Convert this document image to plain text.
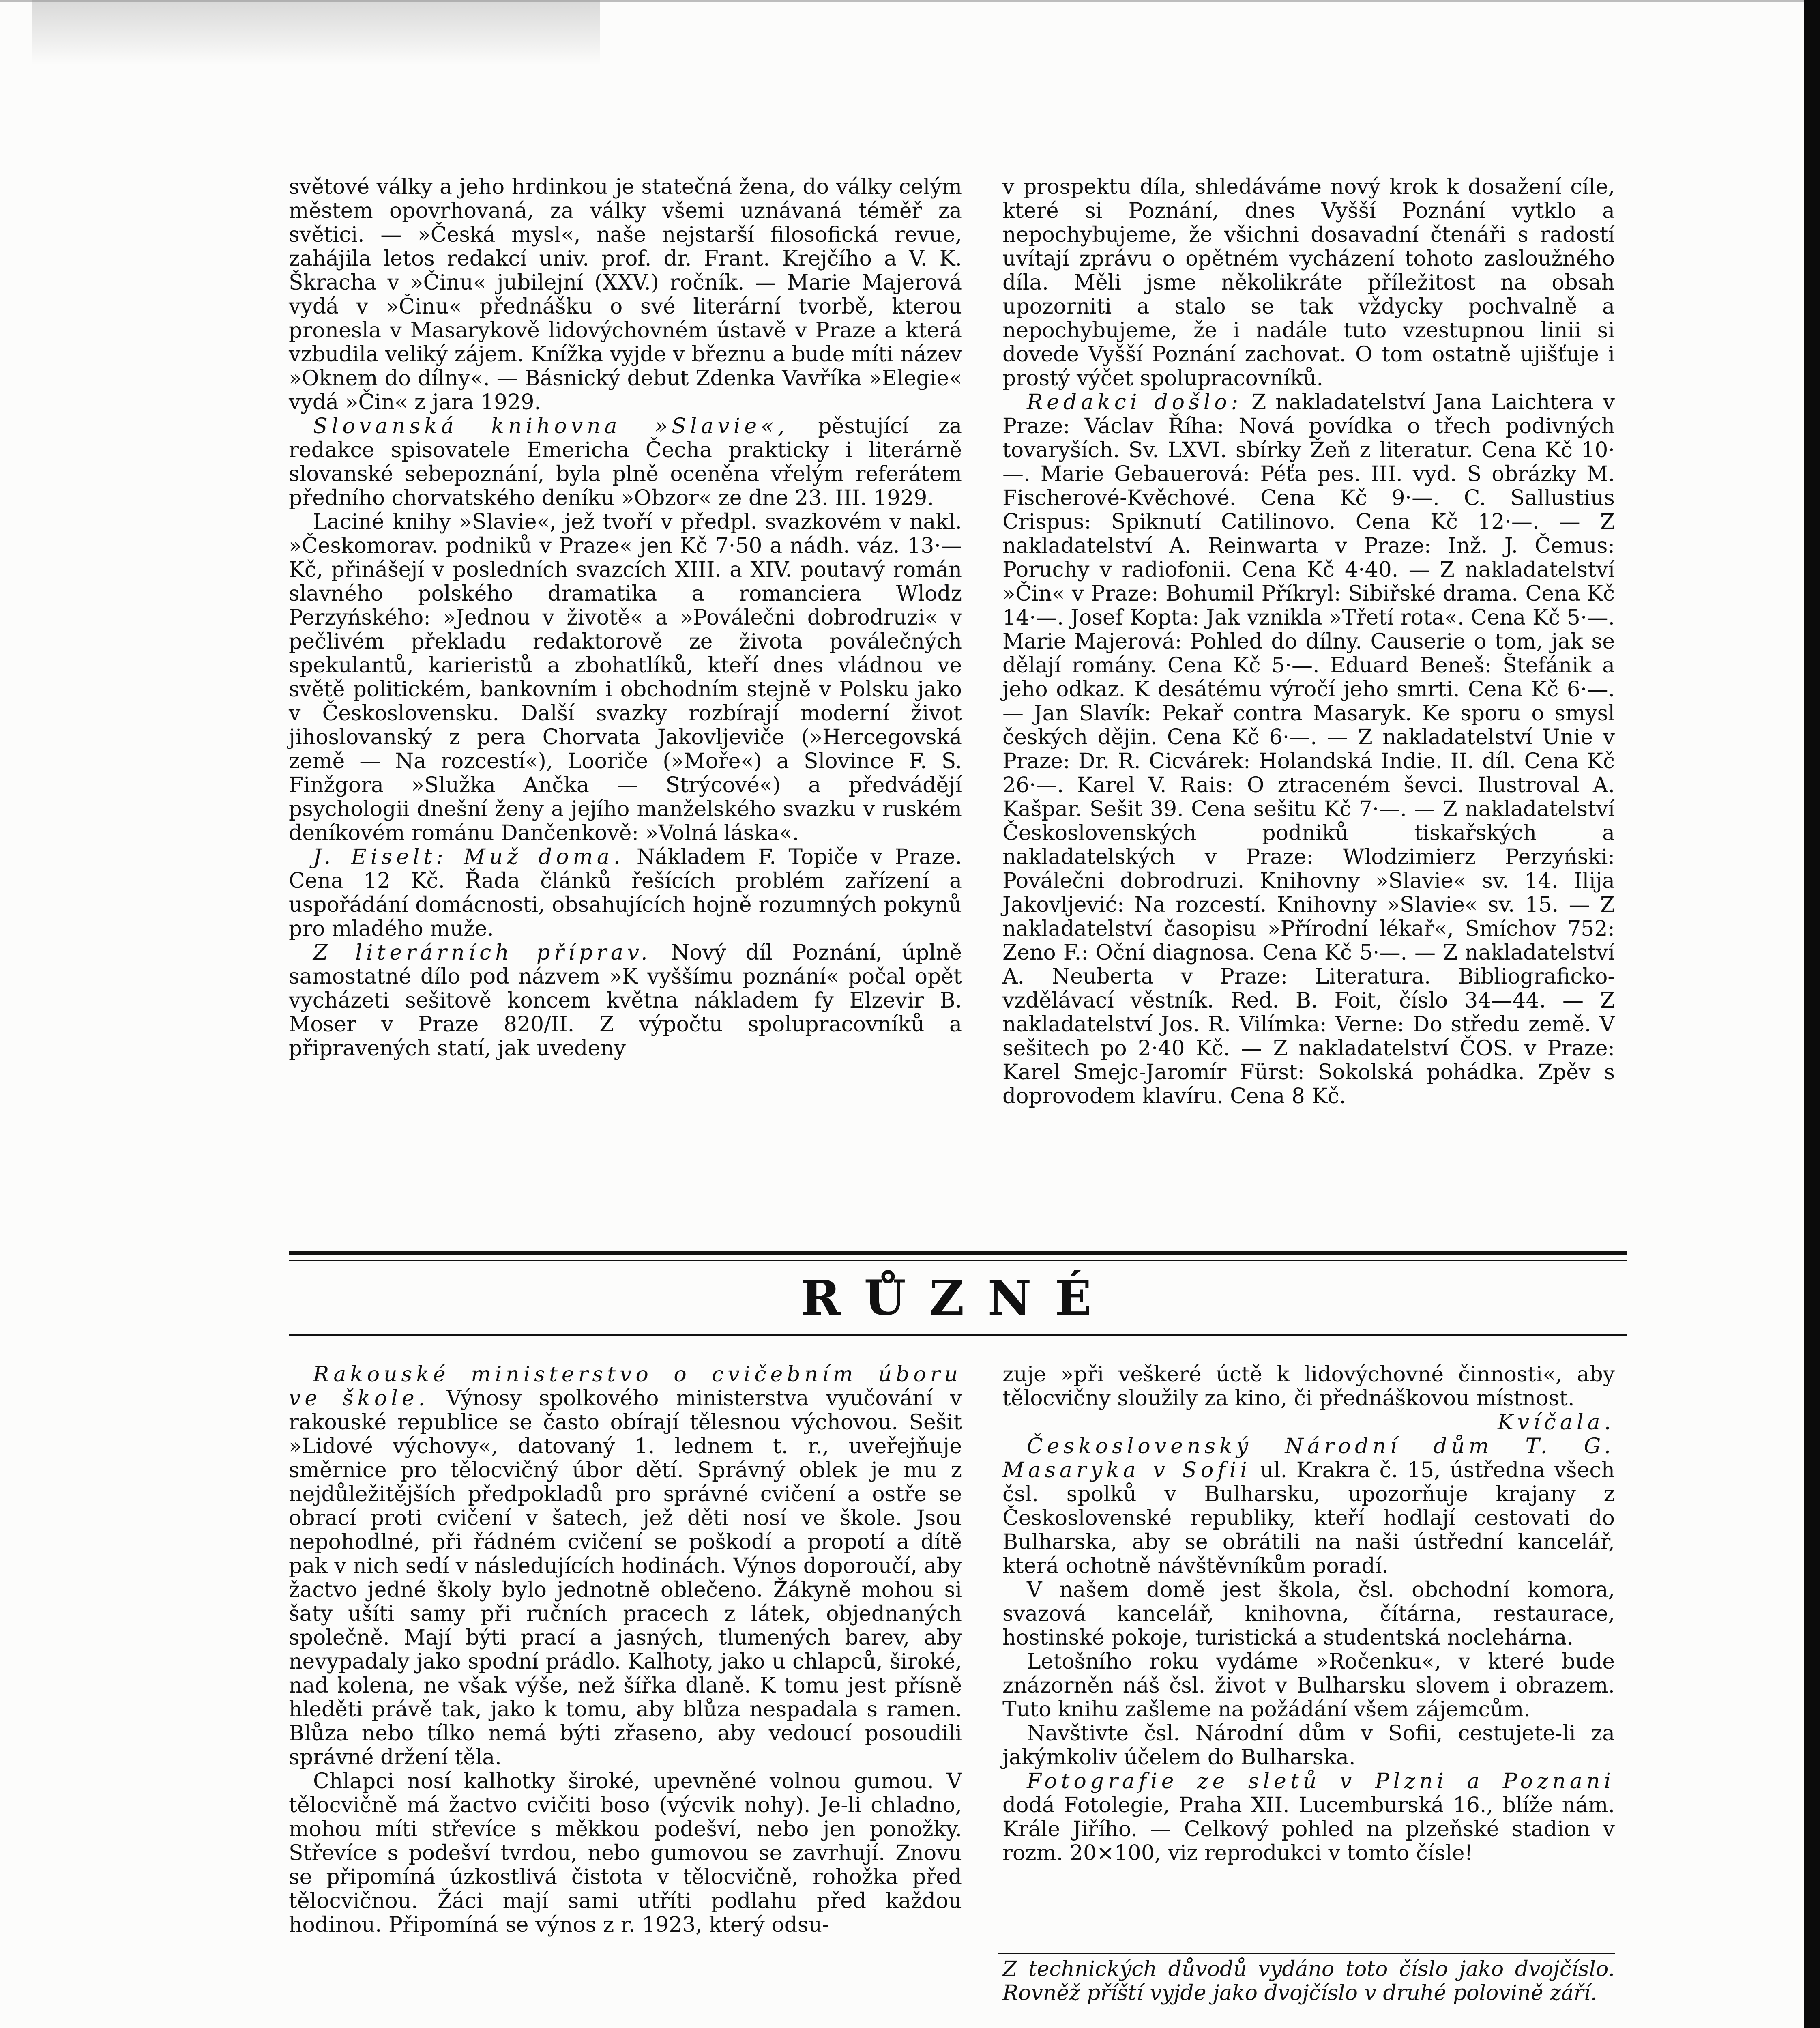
světové války a jeho hrdinkou je statečná žena, do války celým městem opovrhovaná, za války všemi uznávaná téměř za světici. — »Česká mysl«, naše nejstarší filosofická revue, zahájila letos redakcí univ. prof. dr. Frant. Krejčího a V. K. Škracha v »Činu« jubilejní (XXV.) ročník. — Marie Majerová vydá v »Činu« přednášku o své literární tvorbě, kterou pronesla v Masarykově lidovýchovném ústavě v Praze a která vzbudila veliký zájem. Knížka vyjde v březnu a bude míti název »Oknem do dílny«. — Básnický debut Zdenka Vavříka »Elegie« vydá »Čin« z jara 1929.

Slovanská knihovna »Slavie«, pěstující za redakce spisovatele Emericha Čecha prakticky i literárně slovanské sebepoznání, byla plně oceněna vřelým referátem předního chorvatského deníku »Obzor« ze dne 23. III. 1929.

Laciné knihy »Slavie«, jež tvoří v předpl. svazkovém v nakl. »Českomorav. podniků v Praze« jen Kč 7·50 a nádh. váz. 13·— Kč, přinášejí v posledních svazcích XIII. a XIV. poutavý román slavného polského dramatika a romanciera Wlodz Perzyńského: »Jednou v životě« a »Poválečni dobrodruzi« v pečlivém překladu redaktorově ze života poválečných spekulantů, karieristů a zbohatlíků, kteří dnes vládnou ve světě politickém, bankovním i obchodním stejně v Polsku jako v Československu. Další svazky rozbírají moderní život jihoslovanský z pera Chorvata Jakovljeviče (»Hercegovská země — Na rozcestí«), Looriče (»Moře«) a Slovince F. S. Finžgora »Služka Ančka — Strýcové«) a předvádějí psychologii dnešní ženy a jejího manželského svazku v ruském deníkovém románu Dančenkově: »Volná láska«.

J. Eiselt: Muž doma. Nákladem F. Topiče v Praze. Cena 12 Kč. Řada článků řešících problém zařízení a uspořádání domácnosti, obsahujících hojně rozumných pokynů pro mladého muže.

Z literárních příprav. Nový díl Poznání, úplně samostatné dílo pod názvem »K vyššímu poznání« počal opět vycházeti sešitově koncem května nákladem fy Elzevir B. Moser v Praze 820/II. Z výpočtu spolupracovníků a připravených statí, jak uvedeny

v prospektu díla, shledáváme nový krok k dosažení cíle, které si Poznání, dnes Vyšší Poznání vytklo a nepochybujeme, že všichni dosavadní čtenáři s radostí uvítají zprávu o opětném vycházení tohoto zasloužného díla. Měli jsme několikráte příležitost na obsah upozorniti a stalo se tak vždycky pochvalně a nepochybujeme, že i nadále tuto vzestupnou linii si dovede Vyšší Poznání zachovat. O tom ostatně ujišťuje i prostý výčet spolupracovníků.

Redakci došlo: Z nakladatelství Jana Laichtera v Praze: Václav Říha: Nová povídka o třech podivných tovaryších. Sv. LXVI. sbírky Žeň z literatur. Cena Kč 10·—. Marie Gebauerová: Péťa pes. III. vyd. S obrázky M. Fischerové-Kvěchové. Cena Kč 9·—. C. Sallustius Crispus: Spiknutí Catilinovo. Cena Kč 12·—. — Z nakladatelství A. Reinwarta v Praze: Inž. J. Čemus: Poruchy v radiofonii. Cena Kč 4·40. — Z nakladatelství »Čin« v Praze: Bohumil Příkryl: Sibiřské drama. Cena Kč 14·—. Josef Kopta: Jak vznikla »Třetí rota«. Cena Kč 5·—. Marie Majerová: Pohled do dílny. Causerie o tom, jak se dělají romány. Cena Kč 5·—. Eduard Beneš: Štefánik a jeho odkaz. K desátému výročí jeho smrti. Cena Kč 6·—. — Jan Slavík: Pekař contra Masaryk. Ke sporu o smysl českých dějin. Cena Kč 6·—. — Z nakladatelství Unie v Praze: Dr. R. Cicvárek: Holandská Indie. II. díl. Cena Kč 26·—. Karel V. Rais: O ztraceném ševci. Ilustroval A. Kašpar. Sešit 39. Cena sešitu Kč 7·—. — Z nakladatelství Československých podniků tiskařských a nakladatelských v Praze: Wlodzimierz Perzyński: Poválečni dobrodruzi. Knihovny »Slavie« sv. 14. Ilija Jakovljević: Na rozcestí. Knihovny »Slavie« sv. 15. — Z nakladatelství časopisu »Přírodní lékař«, Smíchov 752: Zeno F.: Oční diagnosa. Cena Kč 5·—. — Z nakladatelství A. Neuberta v Praze: Literatura. Bibliograficko-vzdělávací věstník. Red. B. Foit, číslo 34—44. — Z nakladatelství Jos. R. Vilímka: Verne: Do středu země. V sešitech po 2·40 Kč. — Z nakladatelství ČOS. v Praze: Karel Smejc-Jaromír Fürst: Sokolská pohádka. Zpěv s doprovodem klavíru. Cena 8 Kč.

RŮZNÉ

Rakouské ministerstvo o cvičebním úboru ve škole. Výnosy spolkového ministerstva vyučování v rakouské republice se často obírají tělesnou výchovou. Sešit »Lidové výchovy«, datovaný 1. lednem t. r., uveřejňuje směrnice pro tělocvičný úbor dětí. Správný oblek je mu z nejdůležitějších předpokladů pro správné cvičení a ostře se obrací proti cvičení v šatech, jež děti nosí ve škole. Jsou nepohodlné, při řádném cvičení se poškodí a propotí a dítě pak v nich sedí v následujících hodinách. Výnos doporoučí, aby žactvo jedné školy bylo jednotně oblečeno. Žákyně mohou si šaty ušíti samy při ručních pracech z látek, objednaných společně. Mají býti prací a jasných, tlumených barev, aby nevypadaly jako spodní prádlo. Kalhoty, jako u chlapců, široké, nad kolena, ne však výše, než šířka dlaně. K tomu jest přísně hleděti právě tak, jako k tomu, aby blůza nespadala s ramen. Blůza nebo tílko nemá býti zřaseno, aby vedoucí posoudili správné držení těla.

Chlapci nosí kalhotky široké, upevněné volnou gumou. V tělocvičně má žactvo cvičiti boso (výcvik nohy). Je-li chladno, mohou míti střevíce s měkkou podešví, nebo jen ponožky. Střevíce s podešví tvrdou, nebo gumovou se zavrhují. Znovu se připomíná úzkostlivá čistota v tělocvičně, rohožka před tělocvičnou. Žáci mají sami utříti podlahu před každou hodinou. Připomíná se výnos z r. 1923, který odsu-

zuje »při veškeré úctě k lidovýchovné činnosti«, aby tělocvičny sloužily za kino, či přednáškovou místnost.

Kvíčala.

Československý Národní dům T. G. Masaryka v Sofii ul. Krakra č. 15, ústředna všech čsl. spolků v Bulharsku, upozorňuje krajany z Československé republiky, kteří hodlají cestovati do Bulharska, aby se obrátili na naši ústřední kancelář, která ochotně návštěvníkům poradí.

V našem domě jest škola, čsl. obchodní komora, svazová kancelář, knihovna, čítárna, restaurace, hostinské pokoje, turistická a studentská noclehárna.

Letošního roku vydáme »Ročenku«, v které bude znázorněn náš čsl. život v Bulharsku slovem i obrazem. Tuto knihu zašleme na požádání všem zájemcům.

Navštivte čsl. Národní dům v Sofii, cestujete-li za jakýmkoliv účelem do Bulharska.

Fotografie ze sletů v Plzni a Poznani dodá Fotolegie, Praha XII. Lucemburská 16., blíže nám. Krále Jiřího. — Celkový pohled na plzeňské stadion v rozm. 20×100, viz reprodukci v tomto čísle!

Z technických důvodů vydáno toto číslo jako dvojčíslo. Rovněž příští vyjde jako dvojčíslo v druhé polovině září.
